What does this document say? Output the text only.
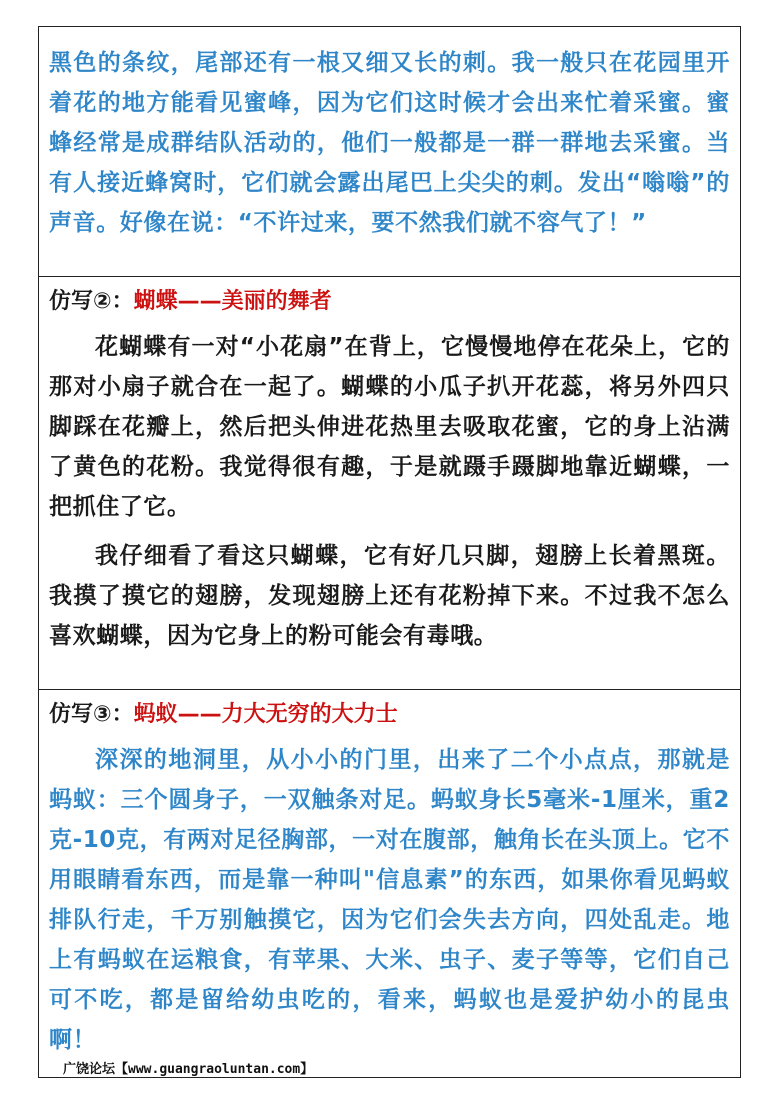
黑色的条纹，尾部还有一根又细又长的刺。我一般只在花园里开着花的地方能看见蜜峰，因为它们这时候才会出来忙着采蜜。蜜蜂经常是成群结队活动的，他们一般都是一群一群地去采蜜。当有人接近蜂窝时，它们就会露出尾巴上尖尖的刺。发出“嗡嗡”的声音。好像在说：“不许过来，要不然我们就不容气了！”

仿写②：蝴蝶——美丽的舞者

花蝴蝶有一对“小花扇”在背上，它慢慢地停在花朵上，它的那对小扇子就合在一起了。蝴蝶的小瓜子扒开花蕊，将另外四只脚踩在花瓣上，然后把头伸进花热里去吸取花蜜，它的身上沾满了黄色的花粉。我觉得很有趣，于是就蹑手蹑脚地靠近蝴蝶，一把抓住了它。

我仔细看了看这只蝴蝶，它有好几只脚，翅膀上长着黑斑。我摸了摸它的翅膀，发现翅膀上还有花粉掉下来。不过我不怎么喜欢蝴蝶，因为它身上的粉可能会有毒哦。

仿写③：蚂蚁——力大无穷的大力士

深深的地洞里，从小小的门里，出来了二个小点点，那就是蚂蚁：三个圆身子，一双触条对足。蚂蚁身长5毫米-1厘米，重2克-10克，有两对足径胸部，一对在腹部，触角长在头顶上。它不用眼睛看东西，而是靠一种叫"信息素”的东西，如果你看见蚂蚁排队行走，千万别触摸它，因为它们会失去方向，四处乱走。地上有蚂蚁在运粮食，有苹果、大米、虫子、麦子等等，它们自己可不吃，都是留给幼虫吃的，看来，蚂蚁也是爱护幼小的昆虫啊！

广饶论坛【www.guangraoluntan.com】
